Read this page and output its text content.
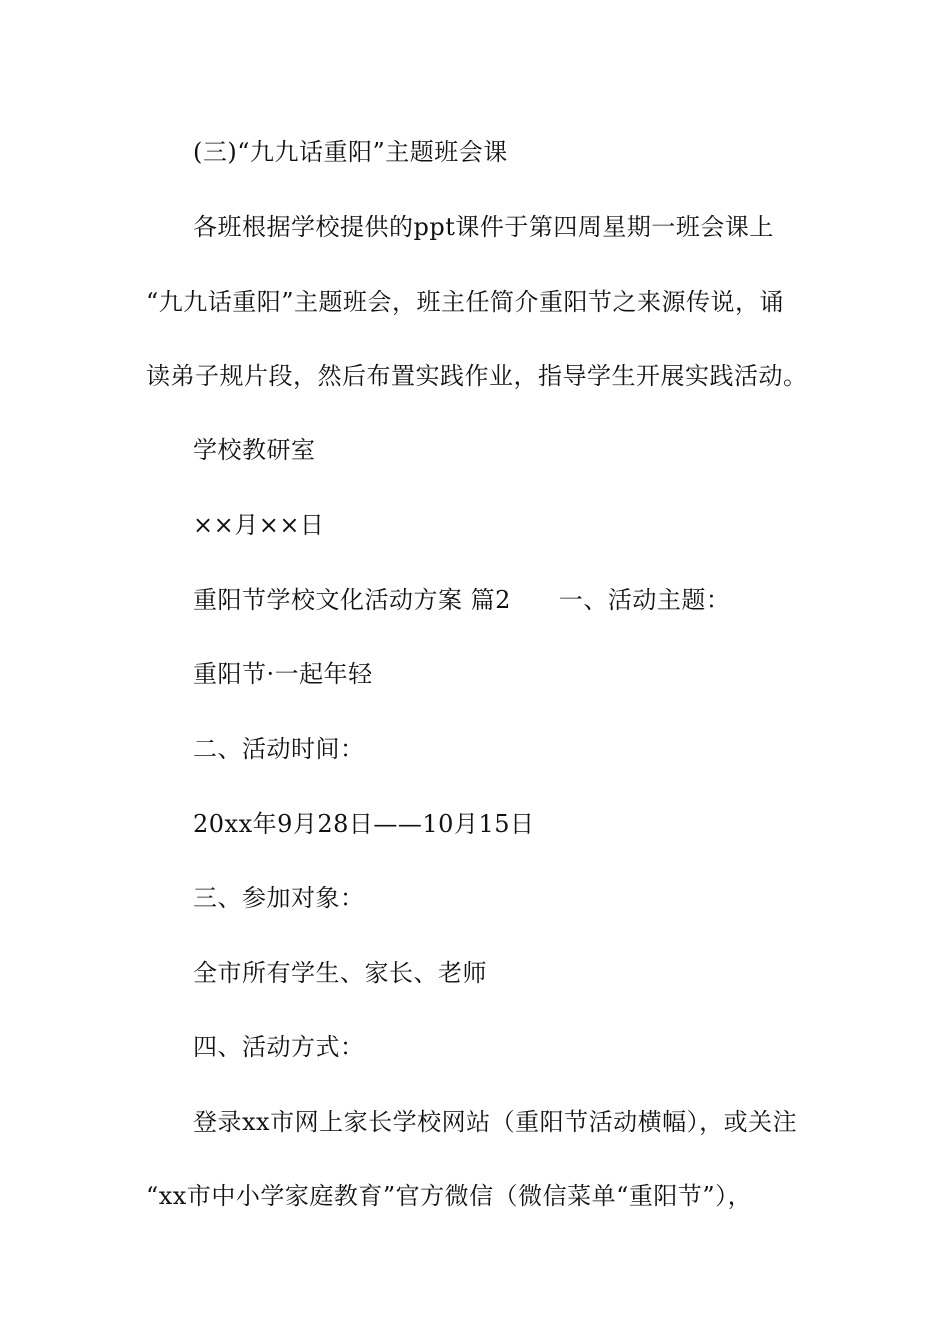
(三)“九九话重阳”主题班会课
各班根据学校提供的ppt课件于第四周星期一班会课上
“九九话重阳”主题班会，班主任简介重阳节之来源传说，诵
读弟子规片段，然后布置实践作业，指导学生开展实践活动。
学校教研室
××月××日
重阳节学校文化活动方案 篇2 一、活动主题：
重阳节·一起年轻
二、活动时间：
20xx年9月28日——10月15日
三、参加对象：
全市所有学生、家长、老师
四、活动方式：
登录xx市网上家长学校网站（重阳节活动横幅），或关注
“xx市中小学家庭教育”官方微信（微信菜单“重阳节”），
